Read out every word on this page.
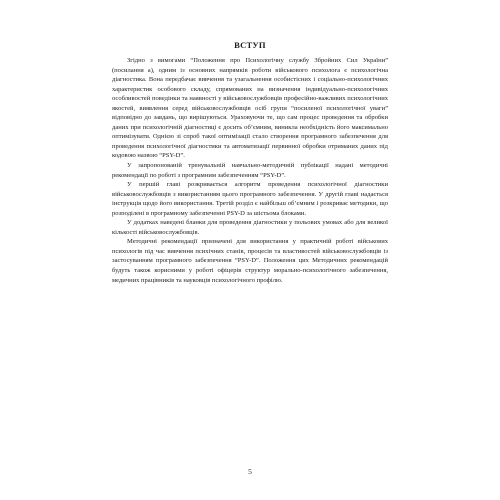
ВСТУП

Згідно з вимогами “Положення про Психологічну службу Збройних Сил України” (посилання а), одним із основних напрямків роботи військового психолога є психологічна діагностика. Вона передбачає вивчення та узагальнення особистісних і соціально-психологічних характеристик особового складу, спрямованих на визначення індивідуально-психологічних особливостей поведінки та наявності у військовослужбовців професійно-важливих психологічних якостей, виявлення серед військовослужбовців осіб групи “посиленої психологічної уваги” відповідно до завдань, що вирішуються. Ураховуючи те, що сам процес проведення та обробки даних при психологічній діагностиці є досить об’ємним, виникла необхідність його максимально оптимізувати. Однією зі спроб такої оптимізації стало створення програмного забезпечення для проведення психологічної діагностики та автоматизації первинної обробки отриманих даних під кодовою назвою “PSY-D”.

У запропонованій тренувальній навчально-методичній публікації надані методичні рекомендації по роботі з програмним забезпеченням “PSY-D”.

У першій главі розкривається алгоритм проведення психологічної діагностики військовослужбовців з використанням цього програмного забезпечення. У другій главі надається інструкція щодо його використання. Третій розділ є найбільш об’ємним і розкриває методики, що розподілені в програмному забезпеченні PSY-D за шістьома блоками.

У додатках наведені бланки для проведення діагностики у польових умовах або для великої кількості військовослужбовців.

Методичні рекомендації призначені для використання у практичній роботі військових психологів під час вивчення психічних станів, процесів та властивостей військовослужбовців із застосуванням програмного забезпечення “PSY-D”. Положення цих Методичних рекомендацій будуть також корисними у роботі офіцерів структур морально-психологічного забезпечення, медичних працівників та науковців психологічного профілю.

5
